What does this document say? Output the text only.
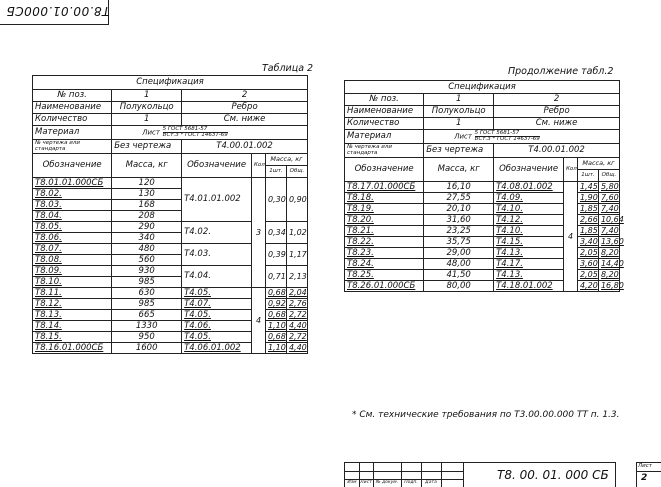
Т8.00.01.000СБ
Таблица 2
Спецификация					
№ поз.	1	2			
Наименование	Полукольцо	Ребро			
Количество	1	См. ниже			
Материал	Лист 5 ГОСТ 5681-57
ВСт.3 * ГОСТ 14637-69				

№ чертежа или стандарта	Без чертежа	Т4.00.01.002			
Обозначение	Масса, кг	Обозначение	Кол.	Масса, кг	
				1шт.	Общ.
Т8.01.01.000СБ	120	Т4.01.01.002	3	0,30	0,90
Т8.02.	130				
Т8.03.	168				
Т8.04.	208				
Т8.05.	290	Т4.02.		0,34	1,02
Т8.06.	340				
Т8.07.	480	Т4.03.		0,39	1,17
Т8.08.	560				
Т8.09.	930	Т4.04.		0,71	2,13
Т8.10.	985				
Т8.11.	630	Т4.05.	4	0,68	2,04
Т8.12.	985	Т4.07.		0,92	2,76
Т8.13.	665	Т4.05.		0,68	2,72
Т8.14.	1330	Т4.06.		1,10	4,40
Т8.15.	950	Т4.05.		0,68	2,72
Т8.16.01.000СБ	1600	Т4.06.01.002		1,10	4,40
Продолжение табл.2
Спецификация					
№ поз.	1	2			
Наименование	Полукольцо	Ребро			
Количество	1	См. ниже			
Материал	Лист 5 ГОСТ 5681-57
ВСт.3 * ГОСТ 14637-69				

№ чертежа или стандарта	Без чертежа	Т4.00.01.002			
Обозначение	Масса, кг	Обозначение	Кол.	Масса, кг	
				1шт.	Общ.
Т8.17.01.000СБ	16,10	Т4.08.01.002	4	1,45	5,80
Т8.18.	27,55	Т4.09.		1,90	7,60
Т8.19.	20,10	Т4.10.		1,85	7,40
Т8.20.	31,60	Т4.12.		2,66	10,64
Т8.21.	23,25	Т4.10.		1,85	7,40
Т8.22.	35,75	Т4.15.		3,40	13,60
Т8.23.	29,00	Т4.13.		2,05	8,20
Т8.24.	48,00	Т4.17.		3,60	14,40
Т8.25.	41,50	Т4.13.		2,05	8,20
Т8.26.01.000СБ	80,00	Т4.18.01.002		4,20	16,80
* См. технические требования по Т3.00.00.000 ТТ п. 1.3.
Изм Лист № докум.	Подп.	Дата
Т8. 00. 01. 000 СБ
Лист
2
